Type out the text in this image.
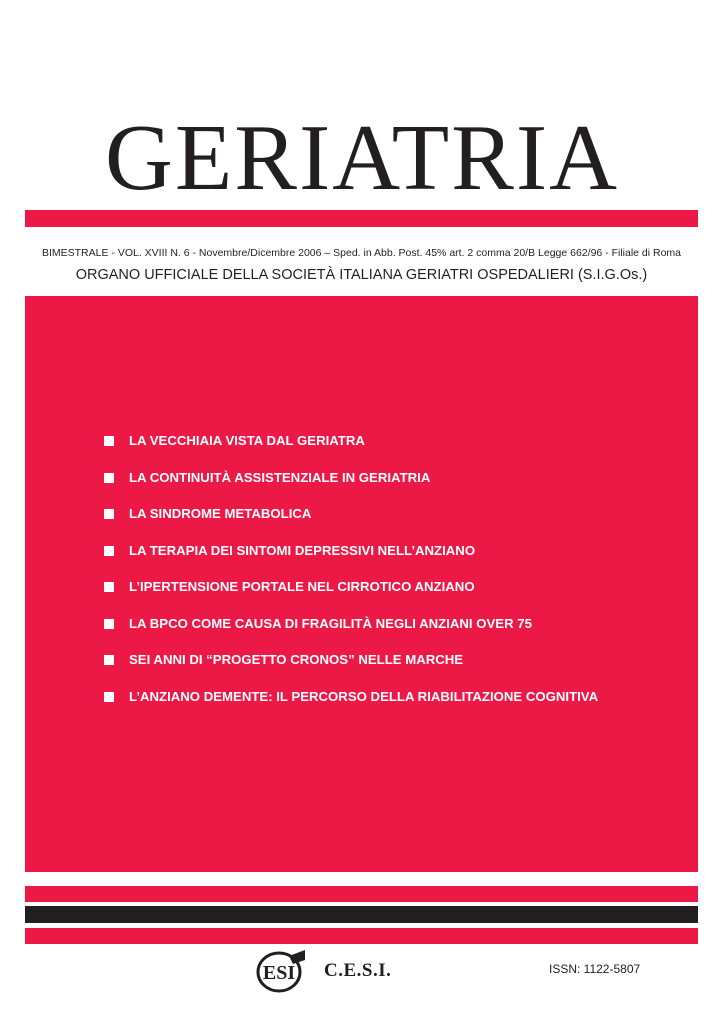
GERIATRIA
BIMESTRALE - VOL. XVIII N. 6 - Novembre/Dicembre 2006 – Sped. in Abb. Post. 45% art. 2 comma 20/B Legge 662/96 - Filiale di Roma
ORGANO UFFICIALE DELLA SOCIETÀ ITALIANA GERIATRI OSPEDALIERI (S.I.G.Os.)
LA VECCHIAIA VISTA DAL GERIATRA
LA CONTINUITÀ ASSISTENZIALE IN GERIATRIA
LA SINDROME METABOLICA
LA TERAPIA DEI SINTOMI DEPRESSIVI NELL’ANZIANO
L’IPERTENSIONE PORTALE NEL CIRROTICO ANZIANO
LA BPCO COME CAUSA DI FRAGILITÀ NEGLI ANZIANI OVER 75
SEI ANNI DI “PROGETTO CRONOS” NELLE MARCHE
L’ANZIANO DEMENTE: IL PERCORSO DELLA RIABILITAZIONE COGNITIVA
ESI C.E.S.I.	ISSN: 1122-5807
